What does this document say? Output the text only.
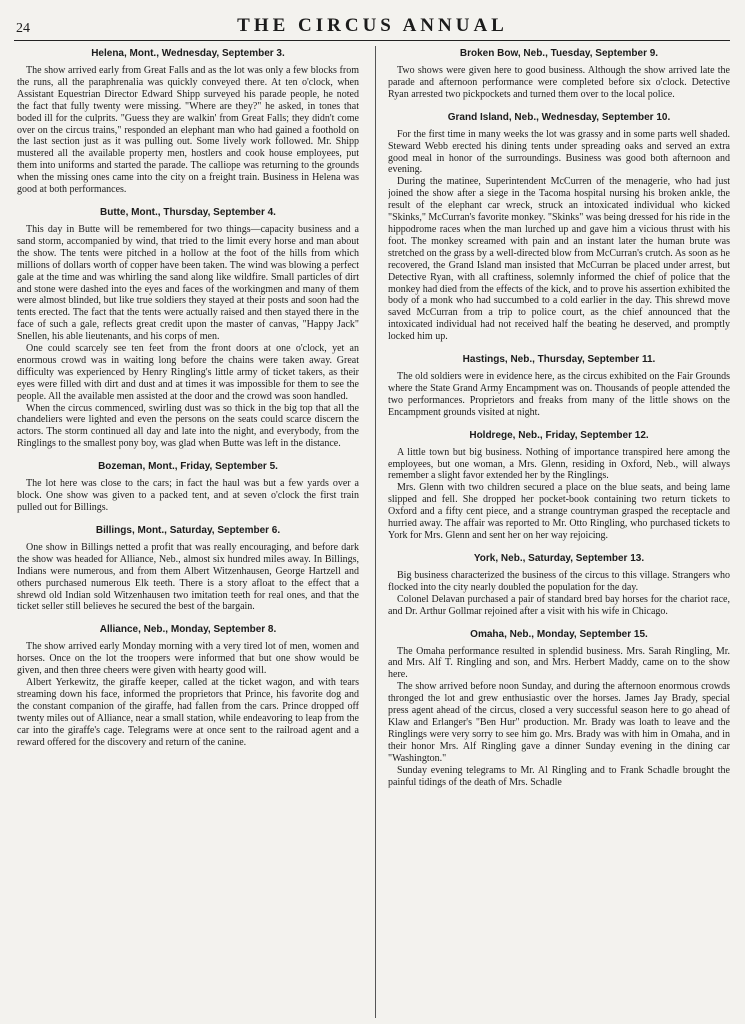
24	THE CIRCUS ANNUAL
Helena, Mont., Wednesday, September 3.

The show arrived early from Great Falls and as the lot was only a few blocks from the runs, all the paraphrenalia was quickly conveyed there. At ten o'clock, when Assistant Equestrian Director Edward Shipp surveyed his parade people, he noted the fact that fully twenty were missing. "Where are they?" he asked, in tones that boded ill for the culprits. "Guess they are walkin' from Great Falls; they didn't come over on the circus trains," responded an elephant man who had gained a foothold on the last section just as it was pulling out. Some lively work followed. Mr. Shipp mustered all the available property men, hostlers and cook house employees, put them into uniforms and started the parade. The calliope was returning to the grounds when the missing ones came into the city on a freight train. Business in Helena was good at both performances.

Butte, Mont., Thursday, September 4.

This day in Butte will be remembered for two things—capacity business and a sand storm, accompanied by wind, that tried to the limit every horse and man about the show. The tents were pitched in a hollow at the foot of the hills from which millions of dollars worth of copper have been taken. The wind was blowing a perfect gale at the time and was whirling the sand along like wildfire. Small particles of dirt and stone were dashed into the eyes and faces of the workingmen and many of them were almost blinded, but like true soldiers they stayed at their posts and soon had the tents erected. The fact that the tents were actually raised and then stayed there in the face of such a gale, reflects great credit upon the master of canvas, "Happy Jack" Snellen, his able lieutenants, and his corps of men.

One could scarcely see ten feet from the front doors at one o'clock, yet an enormous crowd was in waiting long before the chains were taken away. Great difficulty was experienced by Henry Ringling's little army of ticket takers, as their eyes were filled with dirt and dust and at times it was impossible for them to see the people. All the available men assisted at the door and the crowd was soon handled.

When the circus commenced, swirling dust was so thick in the big top that all the chandeliers were lighted and even the persons on the seats could scarce discern the actors. The storm continued all day and late into the night, and everybody, from the Ringlings to the smallest pony boy, was glad when Butte was left in the distance.

Bozeman, Mont., Friday, September 5.

The lot here was close to the cars; in fact the haul was but a few yards over a block. One show was given to a packed tent, and at seven o'clock the first train pulled out for Billings.

Billings, Mont., Saturday, September 6.

One show in Billings netted a profit that was really encouraging, and before dark the show was headed for Alliance, Neb., almost six hundred miles away. In Billings, Indians were numerous, and from them Albert Witzenhausen, George Hartzell and others purchased numerous Elk teeth. There is a story afloat to the effect that a shrewd old Indian sold Witzenhausen two imitation teeth for real ones, and that the ticket seller still believes he secured the best of the bargain.

Alliance, Neb., Monday, September 8.

The show arrived early Monday morning with a very tired lot of men, women and horses. Once on the lot the troopers were informed that but one show would be given, and then three cheers were given with hearty good will.

Albert Yerkewitz, the giraffe keeper, called at the ticket wagon, and with tears streaming down his face, informed the proprietors that Prince, his favorite dog and the constant companion of the giraffe, had fallen from the cars. Prince dropped off twenty miles out of Alliance, near a small station, while endeavoring to leap from the car into the giraffe's cage. Telegrams were at once sent to the railroad agent and a reward offered for the discovery and return of the canine.

Broken Bow, Neb., Tuesday, September 9.

Two shows were given here to good business. Although the show arrived late the parade and afternoon performance were completed before six o'clock. Detective Ryan arrested two pickpockets and turned them over to the local police.

Grand Island, Neb., Wednesday, September 10.

For the first time in many weeks the lot was grassy and in some parts well shaded. Steward Webb erected his dining tents under spreading oaks and served an extra good meal in honor of the surroundings. Business was good both afternoon and evening.

During the matinee, Superintendent McCurren of the menagerie, who had just joined the show after a siege in the Tacoma hospital nursing his broken ankle, the result of the elephant car wreck, struck an intoxicated individual who kicked "Skinks," McCurran's favorite monkey. "Skinks" was being dressed for his ride in the hippodrome races when the man lurched up and gave him a vicious thrust with his foot. The monkey screamed with pain and an instant later the human brute was stretched on the grass by a well-directed blow from McCurran's crutch. As soon as he recovered, the Grand Island man insisted that McCurran be placed under arrest, but Detective Ryan, with all craftiness, solemnly informed the chief of police that the monkey had died from the effects of the kick, and to prove his assertion exhibited the body of a monk who had succumbed to a cold earlier in the day. This shrewd move saved McCurran from a trip to police court, as the chief announced that the intoxicated individual had not received half the beating he deserved, and promptly locked him up.

Hastings, Neb., Thursday, September 11.

The old soldiers were in evidence here, as the circus exhibited on the Fair Grounds where the State Grand Army Encampment was on. Thousands of people attended the two performances. Proprietors and freaks from many of the little shows on the Encampment grounds visited at night.

Holdrege, Neb., Friday, September 12.

A little town but big business. Nothing of importance transpired here among the employees, but one woman, a Mrs. Glenn, residing in Oxford, Neb., will always remember a slight favor extended her by the Ringlings.

Mrs. Glenn with two children secured a place on the blue seats, and being lame slipped and fell. She dropped her pocket-book containing two return tickets to Oxford and a fifty cent piece, and a strange countryman grasped the receptacle and hurried away. The affair was reported to Mr. Otto Ringling, who purchased tickets to York for Mrs. Glenn and sent her on her way rejoicing.

York, Neb., Saturday, September 13.

Big business characterized the business of the circus to this village. Strangers who flocked into the city nearly doubled the population for the day.

Colonel Delavan purchased a pair of standard bred bay horses for the chariot race, and Dr. Arthur Gollmar rejoined after a visit with his wife in Chicago.

Omaha, Neb., Monday, September 15.

The Omaha performance resulted in splendid business. Mrs. Sarah Ringling, Mr. and Mrs. Alf T. Ringling and son, and Mrs. Herbert Maddy, came on to the show here.

The show arrived before noon Sunday, and during the afternoon enormous crowds thronged the lot and grew enthusiastic over the horses. James Jay Brady, special press agent ahead of the circus, closed a very successful season here to go ahead of Klaw and Erlanger's "Ben Hur" production. Mr. Brady was loath to leave and the Ringlings were very sorry to see him go. Mrs. Brady was with him in Omaha, and in their honor Mrs. Alf Ringling gave a dinner Sunday evening in the dining car "Washington."

Sunday evening telegrams to Mr. Al Ringling and to Frank Schadle brought the painful tidings of the death of Mrs. Schadle
